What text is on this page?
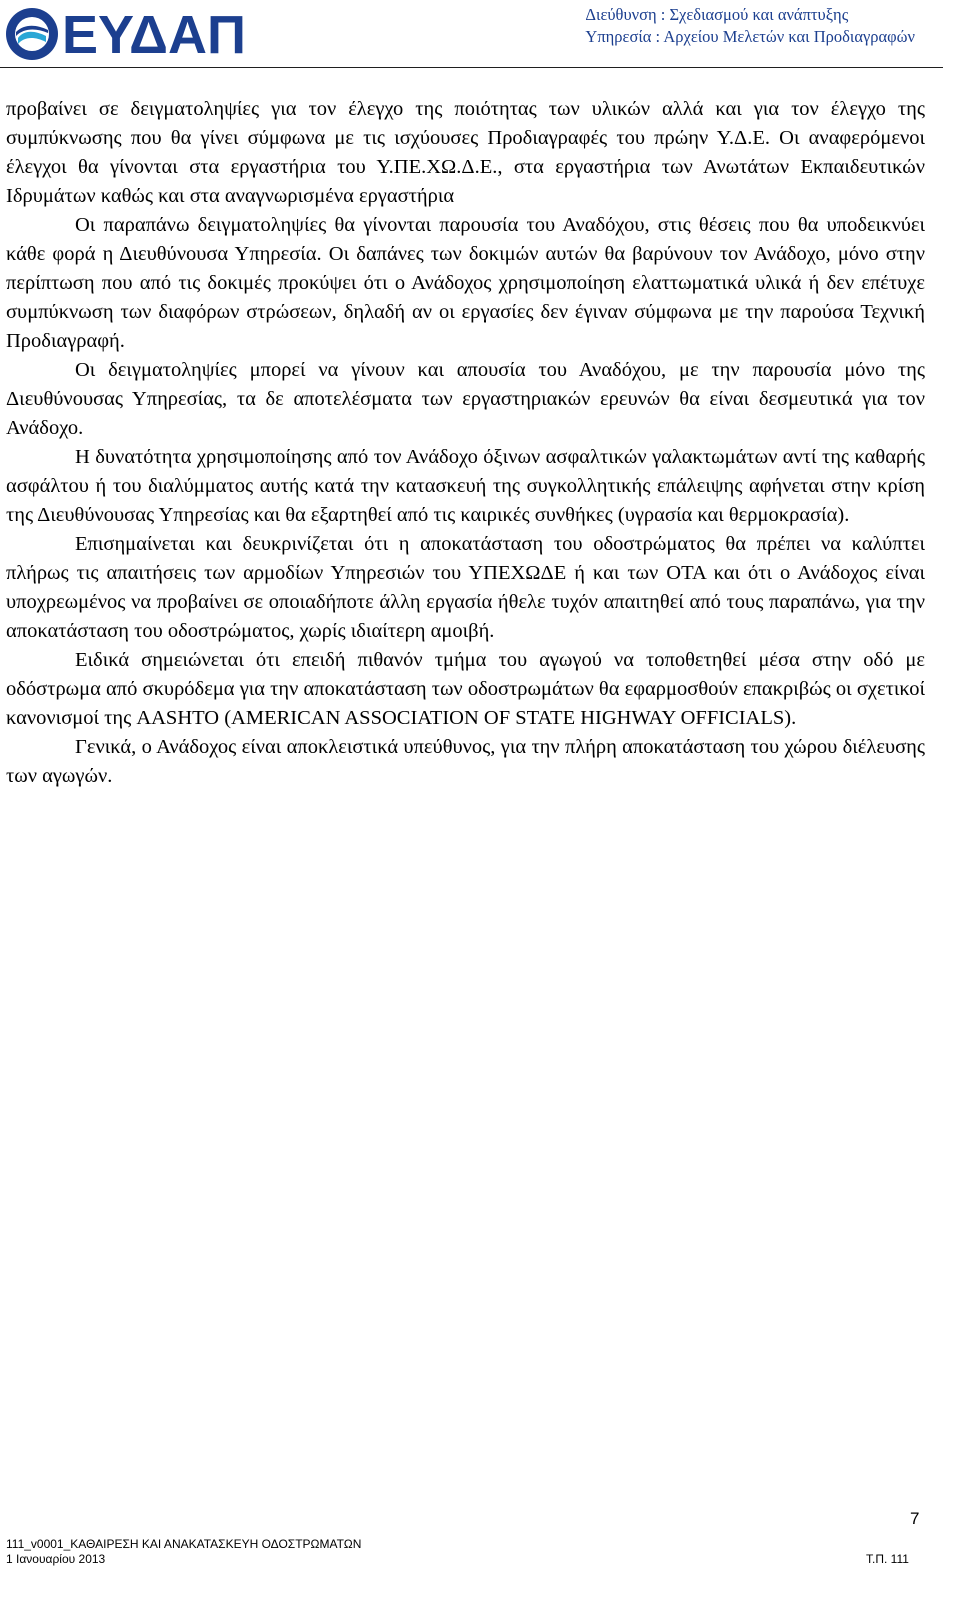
ΕΥΔΑΠ	Διεύθυνση : Σχεδιασμού και ανάπτυξης
Υπηρεσία : Αρχείου Μελετών και Προδιαγραφών

προβαίνει σε δειγματοληψίες για τον έλεγχο της ποιότητας των υλικών αλλά και για τον έλεγχο της συμπύκνωσης που θα γίνει σύμφωνα με τις ισχύουσες Προδιαγραφές του πρώην Υ.Δ.Ε. Οι αναφερόμενοι έλεγχοι θα γίνονται στα εργαστήρια του Υ.ΠΕ.ΧΩ.Δ.Ε., στα εργαστήρια των Ανωτάτων Εκπαιδευτικών Ιδρυμάτων καθώς και στα αναγνωρισμένα εργαστήρια

Οι παραπάνω δειγματοληψίες θα γίνονται παρουσία του Αναδόχου, στις θέσεις που θα υποδεικνύει κάθε φορά η Διευθύνουσα Υπηρεσία. Οι δαπάνες των δοκιμών αυτών θα βαρύνουν τον Ανάδοχο, μόνο στην περίπτωση που από τις δοκιμές προκύψει ότι ο Ανάδοχος χρησιμοποίηση ελαττωματικά υλικά ή δεν επέτυχε συμπύκνωση των διαφόρων στρώσεων, δηλαδή αν οι εργασίες δεν έγιναν σύμφωνα με την παρούσα Τεχνική Προδιαγραφή.

Οι δειγματοληψίες μπορεί να γίνουν και απουσία του Αναδόχου, με την παρουσία μόνο της Διευθύνουσας Υπηρεσίας, τα δε αποτελέσματα των εργαστηριακών ερευνών θα είναι δεσμευτικά για τον Ανάδοχο.

Η δυνατότητα χρησιμοποίησης από τον Ανάδοχο όξινων ασφαλτικών γαλακτωμάτων αντί της καθαρής ασφάλτου ή του διαλύμματος αυτής κατά την κατασκευή της συγκολλητικής επάλειψης αφήνεται στην κρίση της Διευθύνουσας Υπηρεσίας και θα εξαρτηθεί από τις καιρικές συνθήκες (υγρασία και θερμοκρασία).

Επισημαίνεται και δευκρινίζεται ότι η αποκατάσταση του οδοστρώματος θα πρέπει να καλύπτει πλήρως τις απαιτήσεις των αρμοδίων Υπηρεσιών του ΥΠΕΧΩΔΕ ή και των ΟΤΑ και ότι ο Ανάδοχος είναι υποχρεωμένος να προβαίνει σε οποιαδήποτε άλλη εργασία ήθελε τυχόν απαιτηθεί από τους παραπάνω, για την αποκατάσταση του οδοστρώματος, χωρίς ιδιαίτερη αμοιβή.

Ειδικά σημειώνεται ότι επειδή πιθανόν τμήμα του αγωγού να τοποθετηθεί μέσα στην οδό με οδόστρωμα από σκυρόδεμα για την αποκατάσταση των οδοστρωμάτων θα εφαρμοσθούν επακριβώς οι σχετικοί κανονισμοί της AASHTO (AMERICAN ASSOCIATION OF STATE HIGHWAY OFFICIALS).

Γενικά, ο Ανάδοχος είναι αποκλειστικά υπεύθυνος, για την πλήρη αποκατάσταση του χώρου διέλευσης των αγωγών.

7
111_v0001_ΚΑΘΑΙΡΕΣΗ ΚΑΙ ΑΝΑΚΑΤΑΣΚΕΥΗ ΟΔΟΣΤΡΩΜΑΤΩΝ
1 Ιανουαρίου 2013	Τ.Π. 111
